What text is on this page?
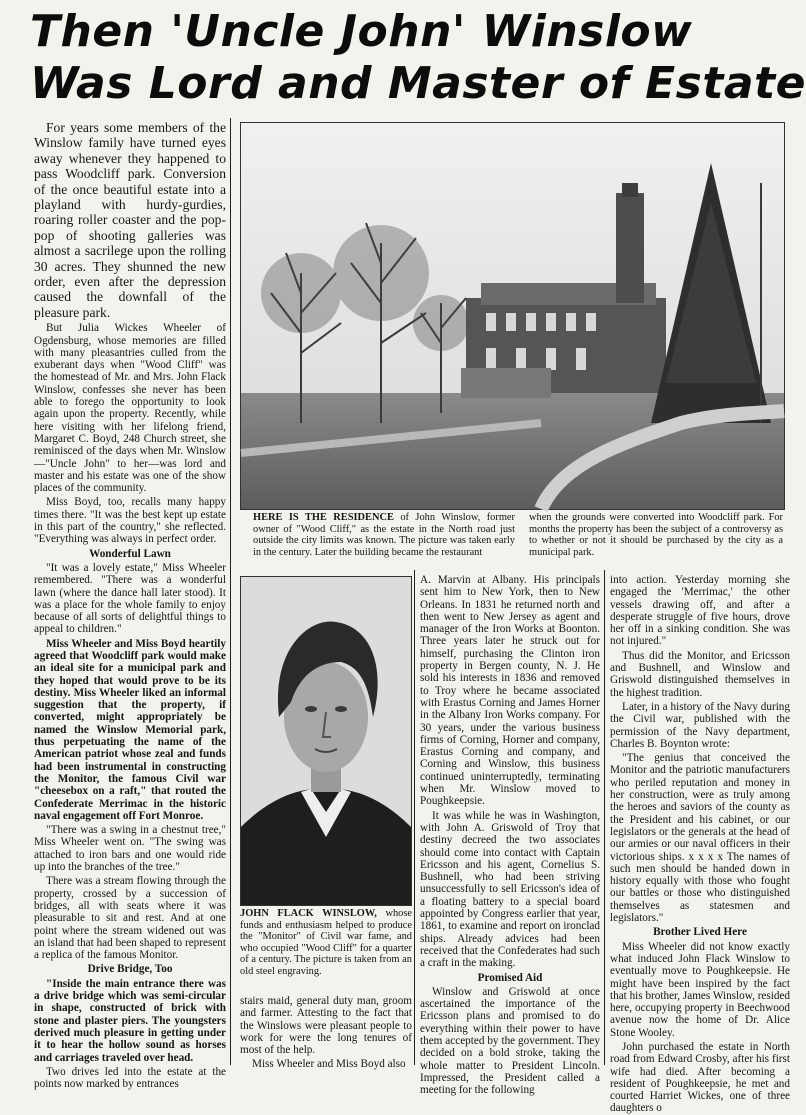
Then 'Uncle John' Winslow
Was Lord and Master of Estate

For years some members of the Winslow family have turned eyes away whenever they happened to pass Woodcliff park. Conversion of the once beautiful estate into a playland with hurdy-gurdies, roaring roller coaster and the pop-pop of shooting galleries was almost a sacrilege upon the rolling 30 acres. They shunned the new order, even after the depression caused the downfall of the pleasure park.

But Julia Wickes Wheeler of Ogdensburg, whose memories are filled with many pleasantries culled from the exuberant days when "Wood Cliff" was the homestead of Mr. and Mrs. John Flack Winslow, confesses she never has been able to forego the opportunity to look again upon the property. Recently, while here visiting with her lifelong friend, Margaret C. Boyd, 248 Church street, she reminisced of the days when Mr. Winslow—"Uncle John" to her—was lord and master and his estate was one of the show places of the community.

Miss Boyd, too, recalls many happy times there. "It was the best kept up estate in this part of the country," she reflected. "Everything was always in perfect order.

Wonderful Lawn

"It was a lovely estate," Miss Wheeler remembered. "There was a wonderful lawn (where the dance hall later stood). It was a place for the whole family to enjoy because of all sorts of delightful things to appeal to children."

Miss Wheeler and Miss Boyd heartily agreed that Woodcliff park would make an ideal site for a municipal park and they hoped that would prove to be its destiny. Miss Wheeler liked an informal suggestion that the property, if converted, might appropriately be named the Winslow Memorial park, thus perpetuating the name of the American patriot whose zeal and funds had been instrumental in constructing the Monitor, the famous Civil war "cheesebox on a raft," that routed the Confederate Merrimac in the historic naval engagement off Fort Monroe.

"There was a swing in a chestnut tree," Miss Wheeler went on. "The swing was attached to iron bars and one would ride up into the branches of the tree."

There was a stream flowing through the property, crossed by a succession of bridges, all with seats where it was pleasurable to sit and rest. And at one point where the stream widened out was an island that had been shaped to represent a replica of the famous Monitor.

Drive Bridge, Too

"Inside the main entrance there was a drive bridge which was semi-circular in shape, constructed of brick with stone and plaster piers. The youngsters derived much pleasure in getting under it to hear the hollow sound as horses and carriages traveled over head.

Two drives led into the estate at the points now marked by entrances

HERE IS THE RESIDENCE of John Winslow, former owner of "Wood Cliff," as the estate in the North road just outside the city limits was known. The picture was taken early in the century. Later the building became the restaurant
when the grounds were converted into Woodcliff park. For months the property has been the subject of a controversy as to whether or not it should be purchased by the city as a municipal park.
JOHN FLACK WINSLOW, whose funds and enthusiasm helped to produce the "Monitor" of Civil war fame, and who occupied "Wood Cliff" for a quarter of a century. The picture is taken from an old steel engraving.

stairs maid, general duty man, groom and farmer. Attesting to the fact that the Winslows were pleasant people to work for were the long tenures of most of the help.

Miss Wheeler and Miss Boyd also

A. Marvin at Albany. His principals sent him to New York, then to New Orleans. In 1831 he returned north and then went to New Jersey as agent and manager of the Iron Works at Boonton. Three years later he struck out for himself, purchasing the Clinton iron property in Bergen county, N. J. He sold his interests in 1836 and removed to Troy where he became associated with Erastus Corning and James Horner in the Albany Iron Works company. For 30 years, under the various business firms of Corning, Horner and company, Erastus Corning and company, and Corning and Winslow, this business continued uninterruptedly, terminating when Mr. Winslow moved to Poughkeepsie.

It was while he was in Washington, with John A. Griswold of Troy that destiny decreed the two associates should come into contact with Captain Ericsson and his agent, Cornelius S. Bushnell, who had been striving unsuccessfully to sell Ericsson's idea of a floating battery to a special board appointed by Congress earlier that year, 1861, to examine and report on ironclad ships. Already advices had been received that the Confederates had such a craft in the making.

Promised Aid

Winslow and Griswold at once ascertained the importance of the Ericsson plans and promised to do everything within their power to have them accepted by the government. They decided on a bold stroke, taking the whole matter to President Lincoln. Impressed, the President called a meeting for the following

into action. Yesterday morning she engaged the 'Merrimac,' the other vessels drawing off, and after a desperate struggle of five hours, drove her off in a sinking condition. She was not injured."

Thus did the Monitor, and Ericsson and Bushnell, and Winslow and Griswold distinguished themselves in the highest tradition.

Later, in a history of the Navy during the Civil war, published with the permission of the Navy department, Charles B. Boynton wrote:

"The genius that conceived the Monitor and the patriotic manufacturers who periled reputation and money in her construction, were as truly among the heroes and saviors of the county as the President and his cabinet, or our legislators or the generals at the head of our armies or our naval officers in their victorious ships. x x x x The names of such men should be handed down in history equally with those who fought our battles or those who distinguished themselves as statesmen and legislators."

Brother Lived Here

Miss Wheeler did not know exactly what induced John Flack Winslow to eventually move to Poughkeepsie. He might have been inspired by the fact that his brother, James Winslow, resided here, occupying property in Beechwood avenue now the home of Dr. Alice Stone Wooley.

John purchased the estate in North road from Edward Crosby, after his first wife had died. After becoming a resident of Poughkeepsie, he met and courted Harriet Wickes, one of three daughters o
